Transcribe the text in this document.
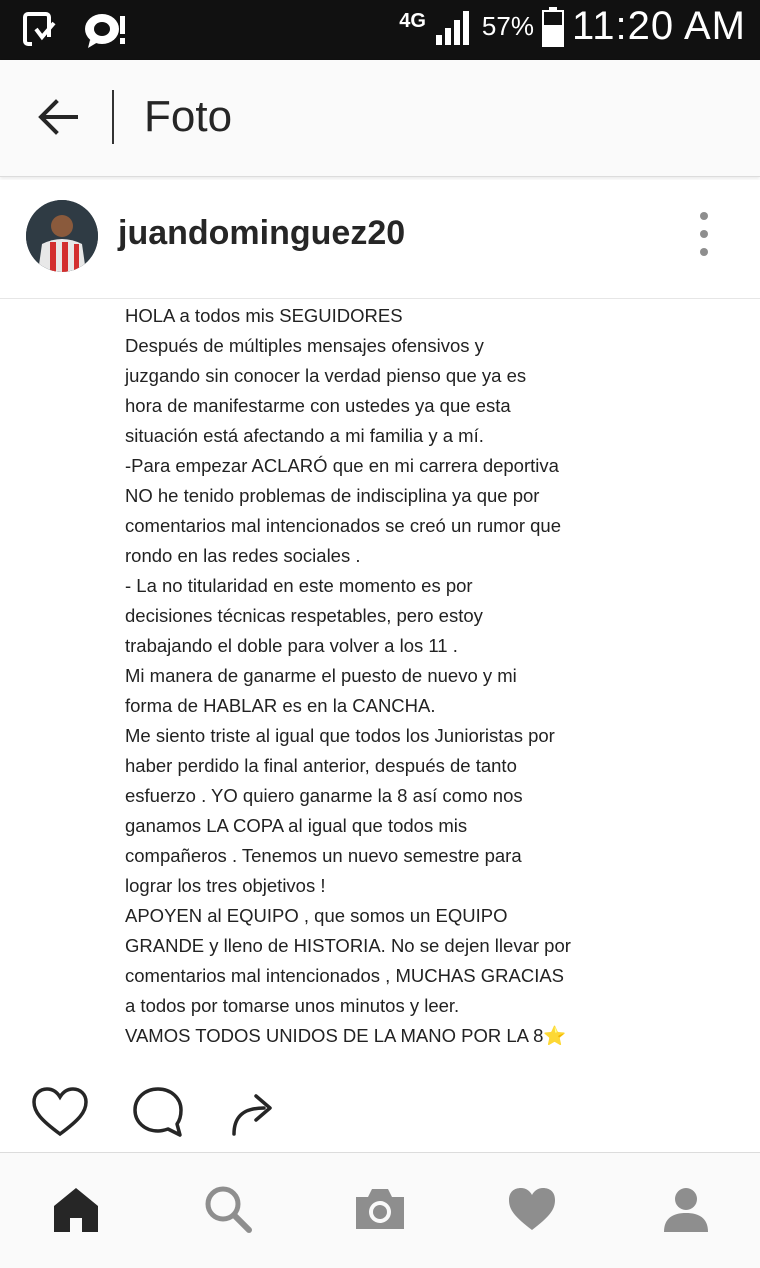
4G 57% 11:20 AM
Foto
juandominguez20
HOLA a todos mis SEGUIDORES
Después de múltiples mensajes ofensivos y
juzgando sin conocer la verdad pienso que ya es
hora de manifestarme con ustedes ya que esta
situación está afectando a mi familia y a mí.
-Para empezar ACLARÓ que en mi carrera deportiva
NO he tenido problemas de indisciplina ya que por
comentarios mal intencionados se creó un rumor que
rondo en las redes sociales .
- La no titularidad en este momento es por
decisiones técnicas respetables, pero estoy
trabajando el doble para volver a los 11 .
Mi manera de ganarme el puesto de nuevo y mi
forma de HABLAR es en la CANCHA.
Me siento triste al igual que todos los Junioristas por
haber perdido la final anterior, después de tanto
esfuerzo . YO quiero ganarme la 8 así como nos
ganamos LA COPA al igual que todos mis
compañeros . Tenemos un nuevo semestre para
lograr los tres objetivos !
APOYEN al EQUIPO , que somos un EQUIPO
GRANDE y lleno de HISTORIA. No se dejen llevar por
comentarios mal intencionados , MUCHAS GRACIAS
a todos por tomarse unos minutos y leer.
VAMOS TODOS UNIDOS DE LA MANO POR LA 8⭐
